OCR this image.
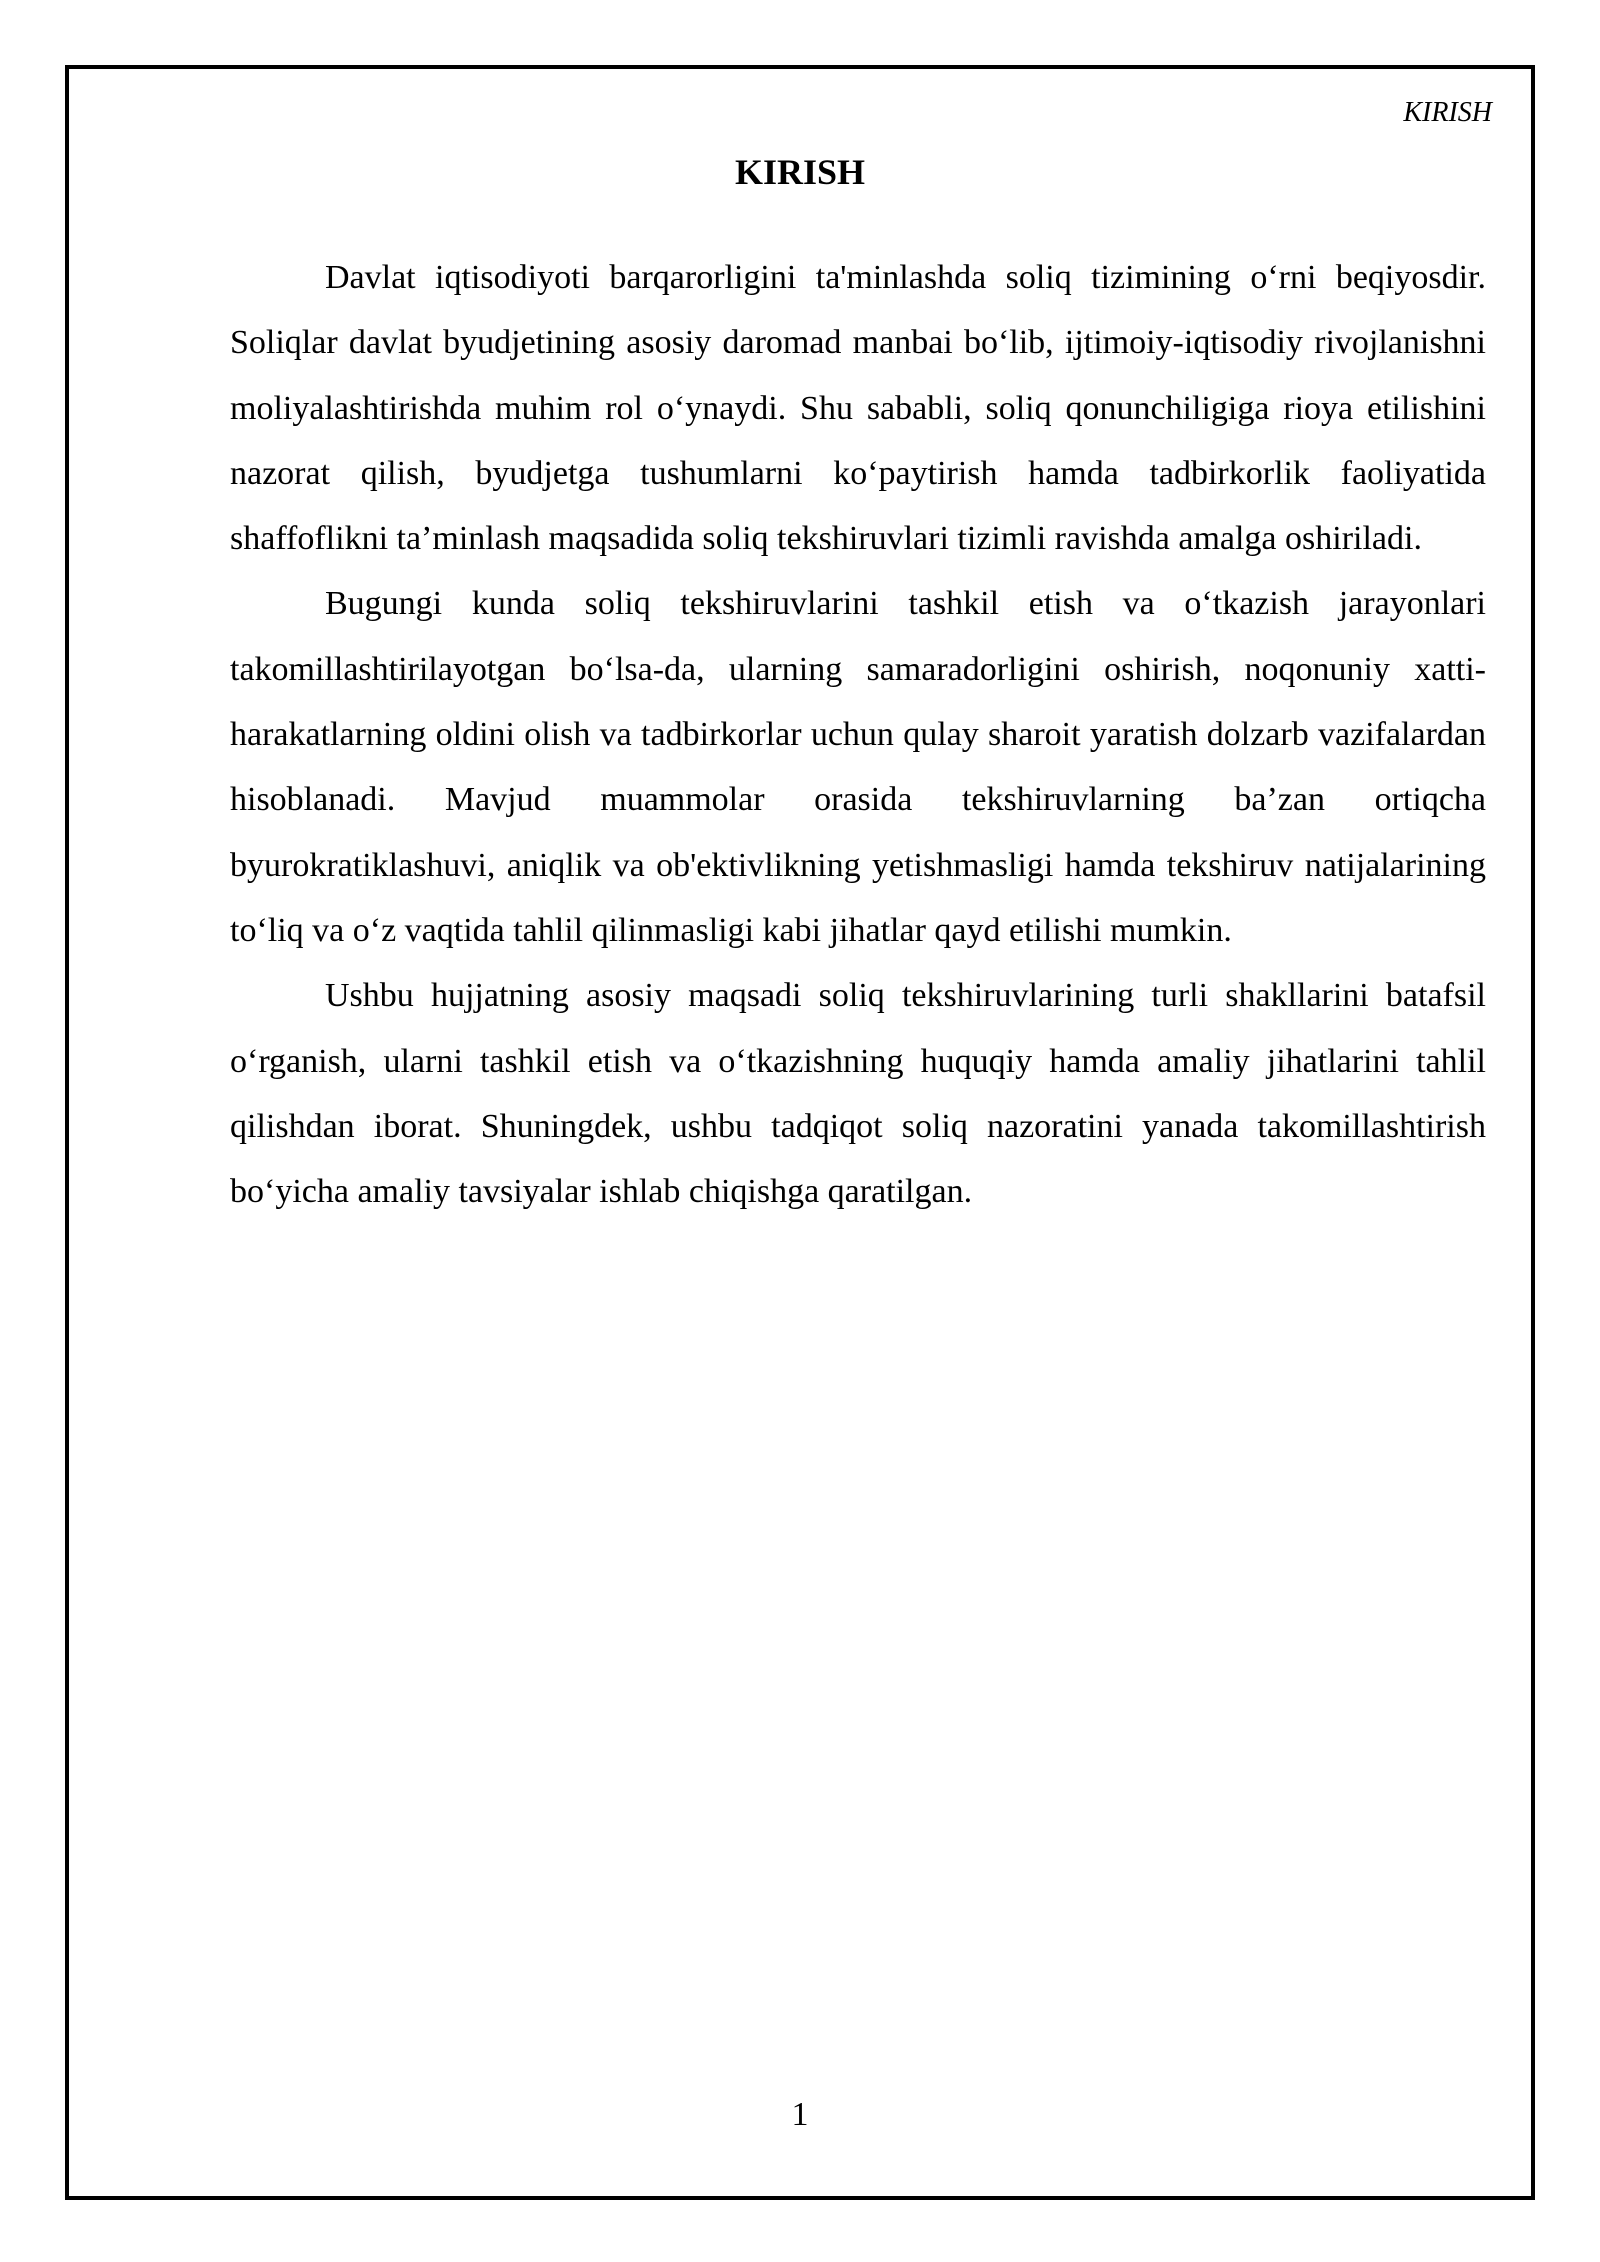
KIRISH
KIRISH

Davlat iqtisodiyoti barqarorligini ta'minlashda soliq tizimining o‘rni beqiyosdir. Soliqlar davlat byudjetining asosiy daromad manbai bo‘lib, ijtimoiy-iqtisodiy rivojlanishni moliyalashtirishda muhim rol o‘ynaydi. Shu sababli, soliq qonunchiligiga rioya etilishini nazorat qilish, byudjetga tushumlarni ko‘paytirish hamda tadbirkorlik faoliyatida shaffoflikni ta’minlash maqsadida soliq tekshiruvlari tizimli ravishda amalga oshiriladi.

Bugungi kunda soliq tekshiruvlarini tashkil etish va o‘tkazish jarayonlari takomillashtirilayotgan bo‘lsa-da, ularning samaradorligini oshirish, noqonuniy xatti-harakatlarning oldini olish va tadbirkorlar uchun qulay sharoit yaratish dolzarb vazifalardan hisoblanadi. Mavjud muammolar orasida tekshiruvlarning ba’zan ortiqcha byurokratiklashuvi, aniqlik va ob'ektivlikning yetishmasligi hamda tekshiruv natijalarining to‘liq va o‘z vaqtida tahlil qilinmasligi kabi jihatlar qayd etilishi mumkin.

Ushbu hujjatning asosiy maqsadi soliq tekshiruvlarining turli shakllarini batafsil o‘rganish, ularni tashkil etish va o‘tkazishning huquqiy hamda amaliy jihatlarini tahlil qilishdan iborat. Shuningdek, ushbu tadqiqot soliq nazoratini yanada takomillashtirish bo‘yicha amaliy tavsiyalar ishlab chiqishga qaratilgan.

1
